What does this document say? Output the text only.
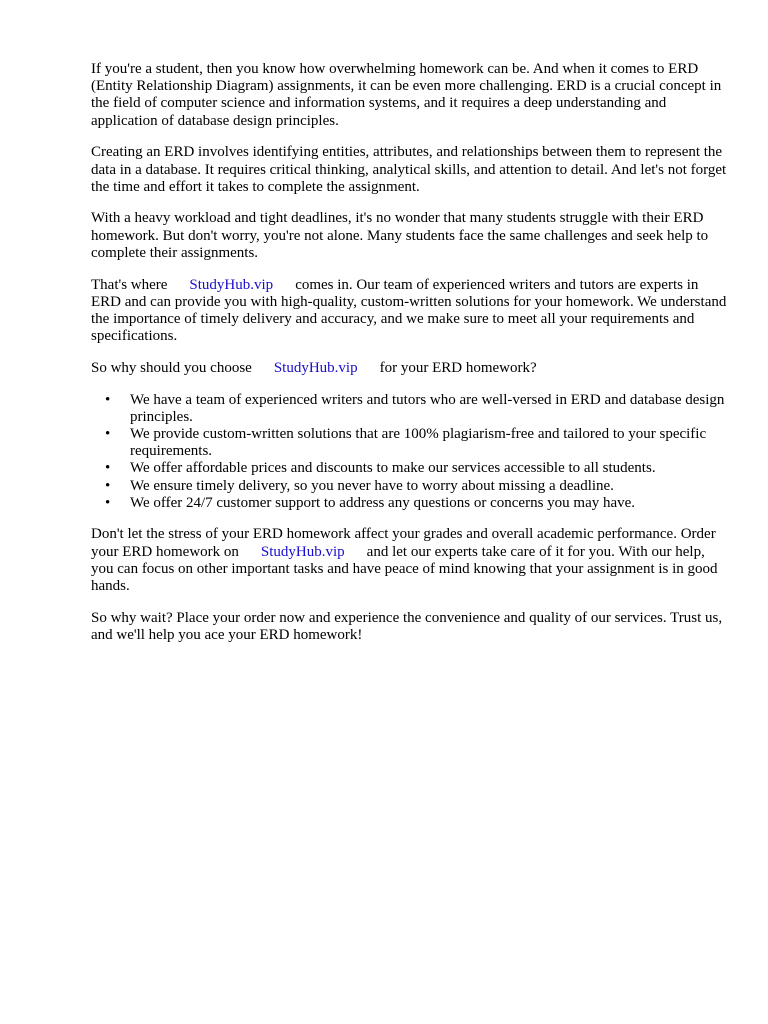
If you're a student, then you know how overwhelming homework can be. And when it comes to ERD (Entity Relationship Diagram) assignments, it can be even more challenging. ERD is a crucial concept in the field of computer science and information systems, and it requires a deep understanding and application of database design principles.

Creating an ERD involves identifying entities, attributes, and relationships between them to represent the data in a database. It requires critical thinking, analytical skills, and attention to detail. And let's not forget the time and effort it takes to complete the assignment.

With a heavy workload and tight deadlines, it's no wonder that many students struggle with their ERD homework. But don't worry, you're not alone. Many students face the same challenges and seek help to complete their assignments.

That's where StudyHub.vip comes in. Our team of experienced writers and tutors are experts in ERD and can provide you with high-quality, custom-written solutions for your homework. We understand the importance of timely delivery and accuracy, and we make sure to meet all your requirements and specifications.

So why should you choose StudyHub.vip for your ERD homework?

•
We have a team of experienced writers and tutors who are well-versed in ERD and database design principles.
•
We provide custom-written solutions that are 100% plagiarism-free and tailored to your specific requirements.
•
We offer affordable prices and discounts to make our services accessible to all students.
•
We ensure timely delivery, so you never have to worry about missing a deadline.
•
We offer 24/7 customer support to address any questions or concerns you may have.

Don't let the stress of your ERD homework affect your grades and overall academic performance. Order your ERD homework on StudyHub.vip and let our experts take care of it for you. With our help, you can focus on other important tasks and have peace of mind knowing that your assignment is in good hands.

So why wait? Place your order now and experience the convenience and quality of our services. Trust us, and we'll help you ace your ERD homework!
